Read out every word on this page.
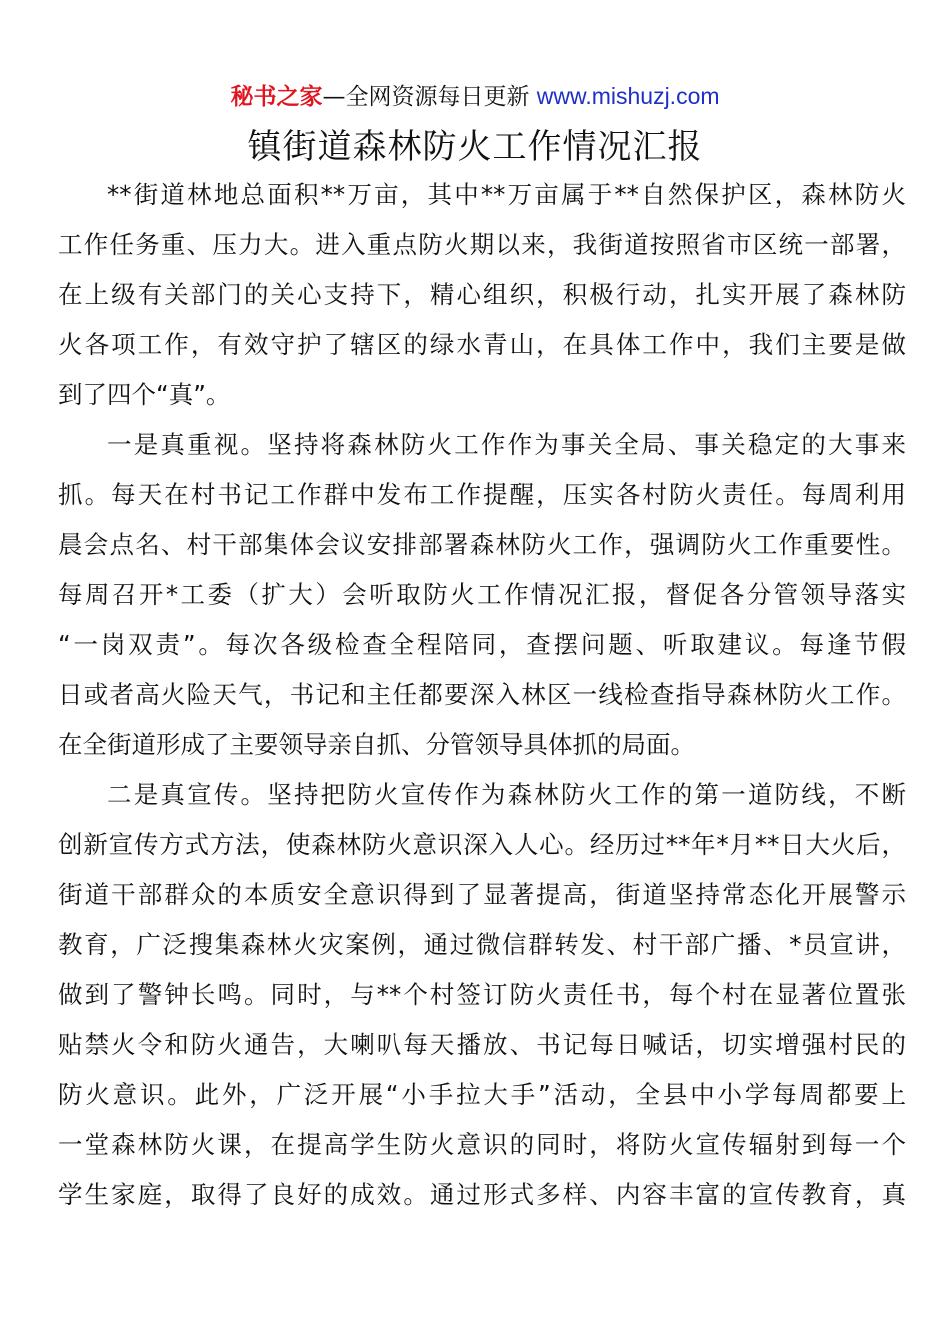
秘书之家—全网资源每日更新 www.mishuzj.com
镇街道森林防火工作情况汇报
**街道林地总面积**万亩，其中**万亩属于**自然保护区，森林防火
工作任务重、压力大。进入重点防火期以来，我街道按照省市区统一部署，
在上级有关部门的关心支持下，精心组织，积极行动，扎实开展了森林防
火各项工作，有效守护了辖区的绿水青山，在具体工作中，我们主要是做
到了四个“真”。
一是真重视。坚持将森林防火工作作为事关全局、事关稳定的大事来
抓。每天在村书记工作群中发布工作提醒，压实各村防火责任。每周利用
晨会点名、村干部集体会议安排部署森林防火工作，强调防火工作重要性。
每周召开*工委（扩大）会听取防火工作情况汇报，督促各分管领导落实
“一岗双责”。每次各级检查全程陪同，查摆问题、听取建议。每逢节假
日或者高火险天气，书记和主任都要深入林区一线检查指导森林防火工作。
在全街道形成了主要领导亲自抓、分管领导具体抓的局面。
二是真宣传。坚持把防火宣传作为森林防火工作的第一道防线，不断
创新宣传方式方法，使森林防火意识深入人心。经历过**年*月**日大火后，
街道干部群众的本质安全意识得到了显著提高，街道坚持常态化开展警示
教育，广泛搜集森林火灾案例，通过微信群转发、村干部广播、*员宣讲，
做到了警钟长鸣。同时，与**个村签订防火责任书，每个村在显著位置张
贴禁火令和防火通告，大喇叭每天播放、书记每日喊话，切实增强村民的
防火意识。此外，广泛开展“小手拉大手”活动，全县中小学每周都要上
一堂森林防火课，在提高学生防火意识的同时，将防火宣传辐射到每一个
学生家庭，取得了良好的成效。通过形式多样、内容丰富的宣传教育，真
